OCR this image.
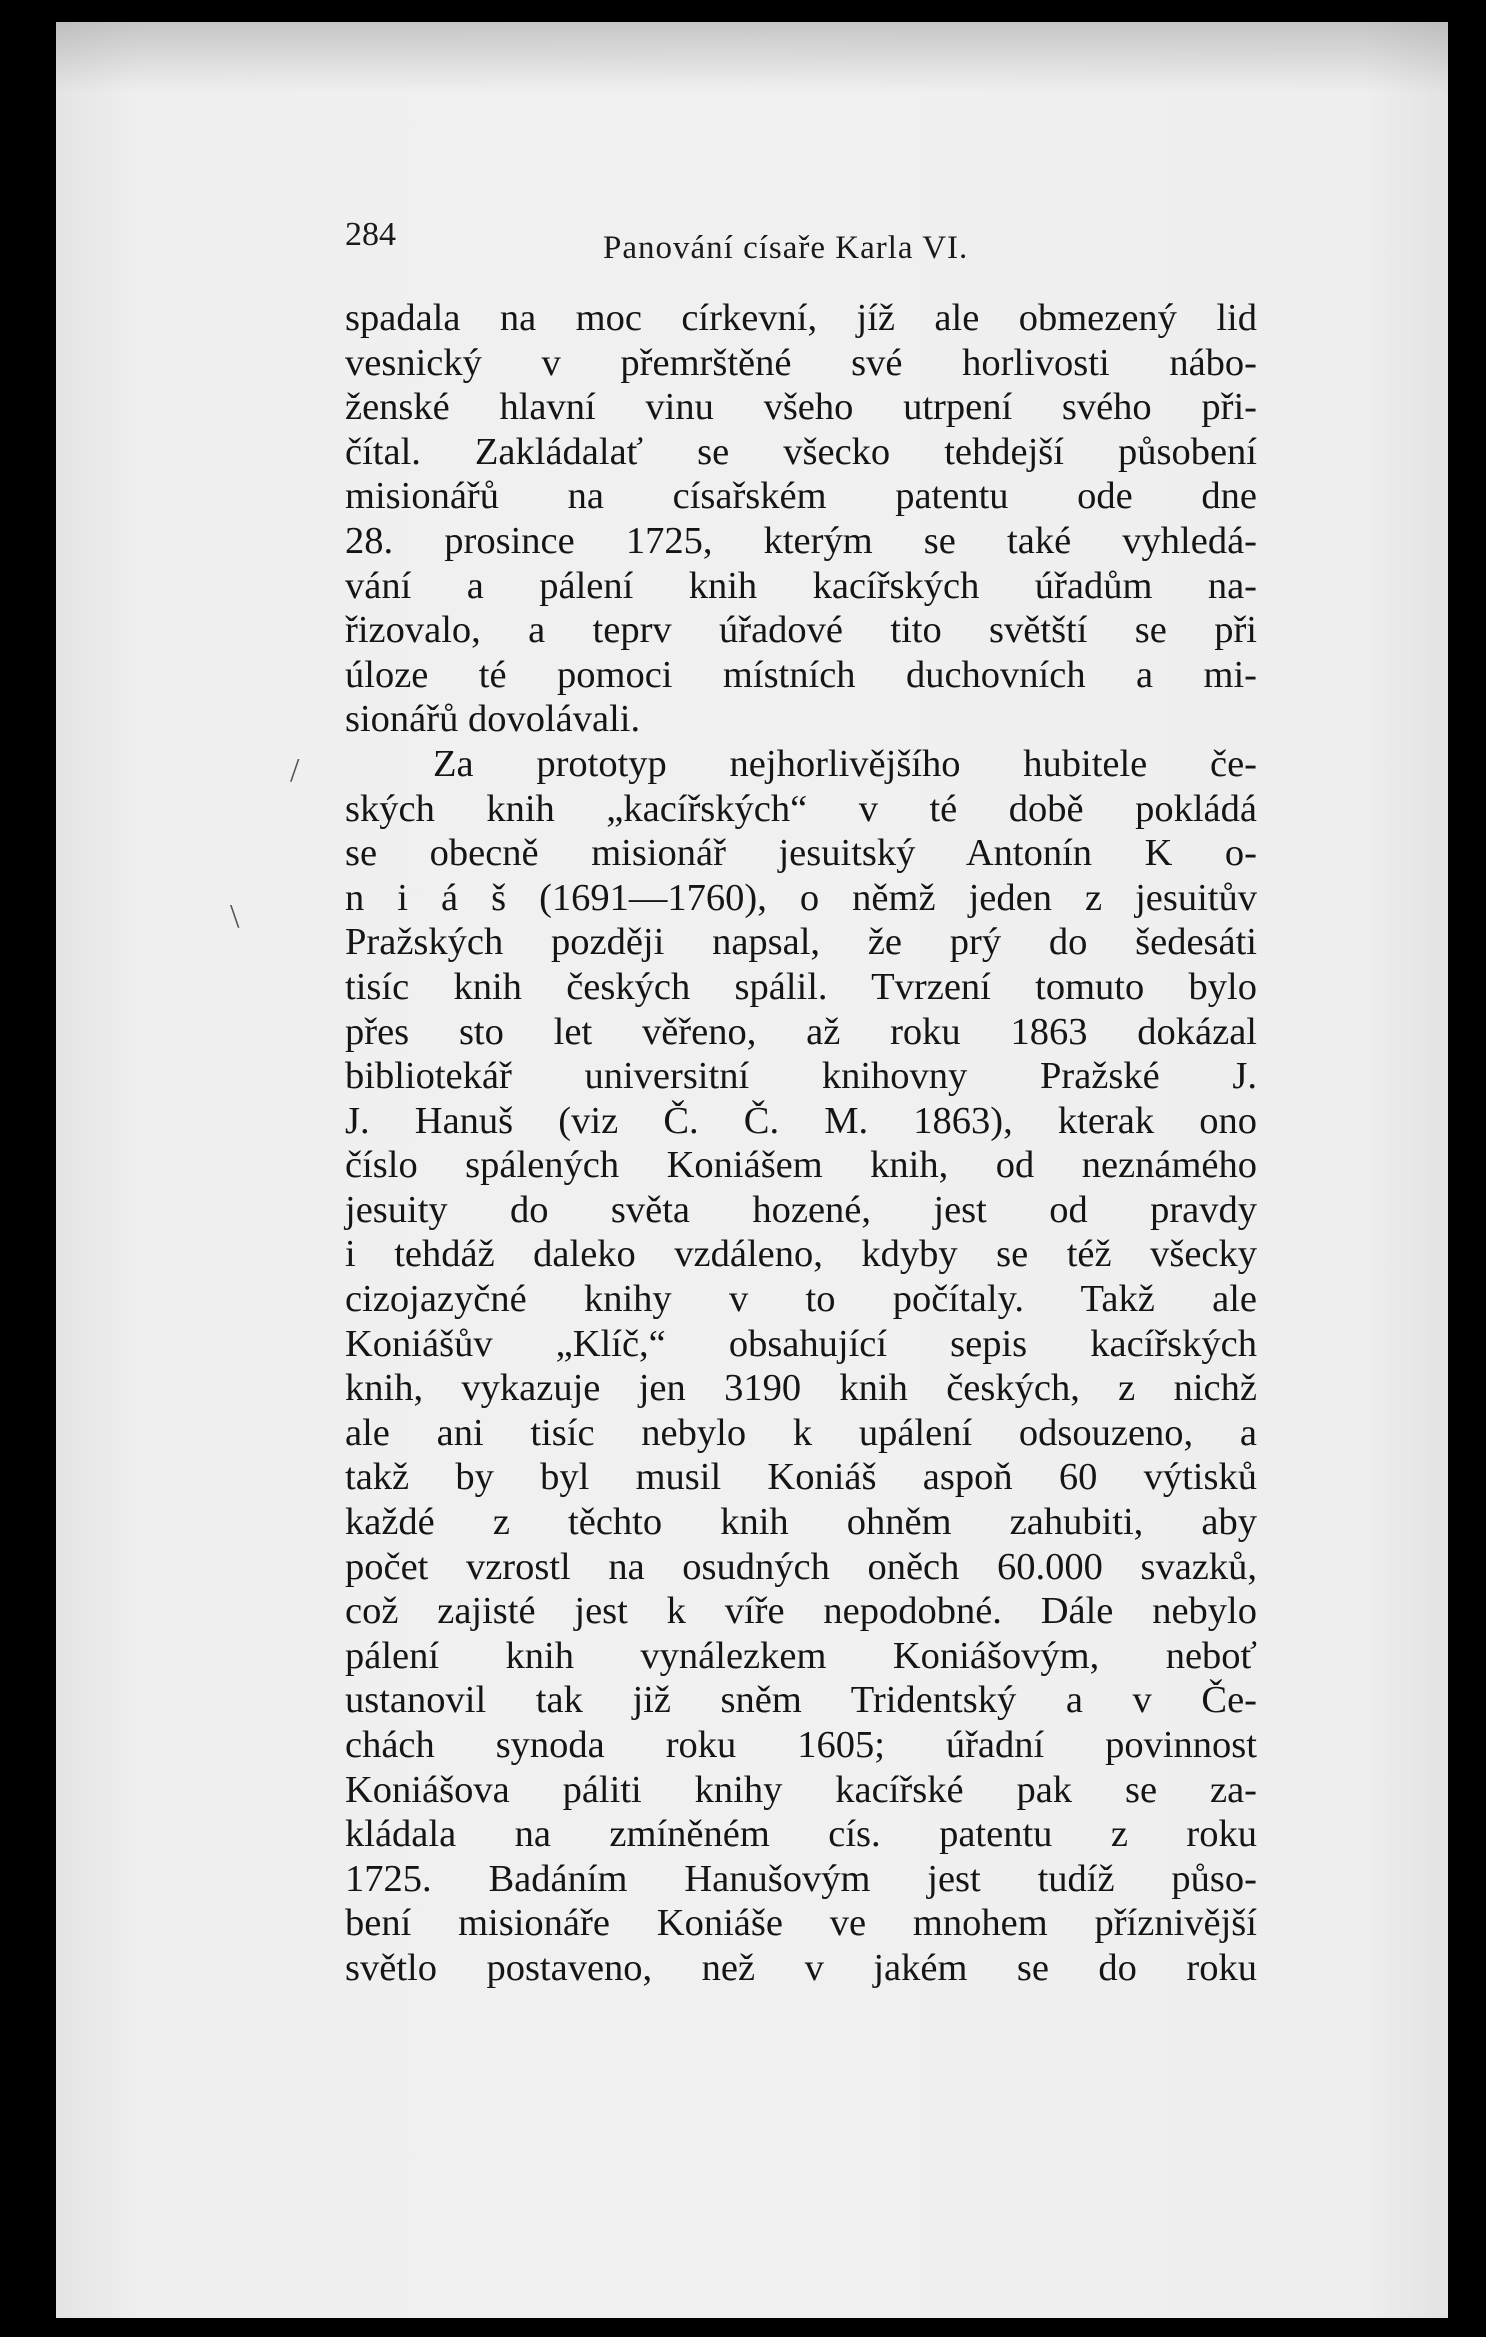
/
\
284	Panování císaře Karla VI.
spadala na moc církevní, jíž ale obmezený lid
vesnický v přemrštěné své horlivosti nábo-
ženské hlavní vinu všeho utrpení svého při-
čítal. Zakládalať se všecko tehdejší působení
misionářů na císařském patentu ode dne
28. prosince 1725, kterým se také vyhledá-
vání a pálení knih kacířských úřadům na-
řizovalo, a teprv úřadové tito světští se při
úloze té pomoci místních duchovních a mi-
sionářů dovolávali.
Za prototyp nejhorlivějšího hubitele če-
ských knih „kacířských“ v té době pokládá
se obecně misionář jesuitský Antonín K o-
n i á š (1691—1760), o němž jeden z jesuitův
Pražských později napsal, že prý do šedesáti
tisíc knih českých spálil. Tvrzení tomuto bylo
přes sto let věřeno, až roku 1863 dokázal
bibliotekář universitní knihovny Pražské J.
J. Hanuš (viz Č. Č. M. 1863), kterak ono
číslo spálených Koniášem knih, od neznámého
jesuity do světa hozené, jest od pravdy
i tehdáž daleko vzdáleno, kdyby se též všecky
cizojazyčné knihy v to počítaly. Takž ale
Koniášův „Klíč,“ obsahující sepis kacířských
knih, vykazuje jen 3190 knih českých, z nichž
ale ani tisíc nebylo k upálení odsouzeno, a
takž by byl musil Koniáš aspoň 60 výtisků
každé z těchto knih ohněm zahubiti, aby
počet vzrostl na osudných oněch 60.000 svazků,
což zajisté jest k víře nepodobné. Dále nebylo
pálení knih vynálezkem Koniášovým, neboť
ustanovil tak již sněm Tridentský a v Če-
chách synoda roku 1605; úřadní povinnost
Koniášova páliti knihy kacířské pak se za-
kládala na zmíněném cís. patentu z roku
1725. Badáním Hanušovým jest tudíž půso-
bení misionáře Koniáše ve mnohem příznivější
světlo postaveno, než v jakém se do roku
